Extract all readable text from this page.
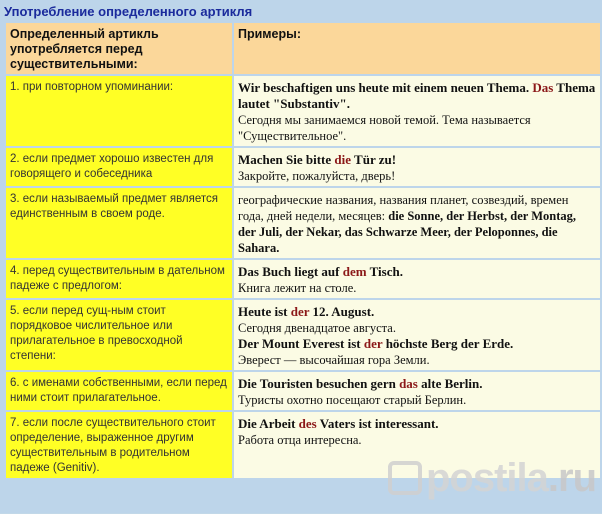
Употребление определенного артикля
Определенный артикль употребляется перед существительными:	Примеры:
1. при повторном упоминании:	Wir beschaftigen uns heute mit einem neuen Thema. Das Thema lautet "Substantiv".
Сегодня мы занимаемся новой темой. Тема называется "Существительное".

2. если предмет хорошо известен для говорящего и собеседника	Machen Sie bitte die Tür zu!
Закройте, пожалуйста, дверь!

3. если называемый предмет является единственным в своем роде.	географические названия, названия планет, созвездий, времен года, дней недели, месяцев: die Sonne, der Herbst, der Montag, der Juli, der Nekar, das Schwarze Meer, der Peloponnes, die Sahara.

4. перед существительным в дательном падеже с предлогом:	Das Buch liegt auf dem Tisch.
Книга лежит на столе.

5. если перед сущ-ным стоит порядковое числительное или прилагательное в превосходной степени:	Heute ist der 12. August.
Сегодня двенадцатое августа.
Der Mount Everest ist der höchste Berg der Erde.
Эверест — высочайшая гора Земли.

6. с именами собственными, если перед ними стоит прилагательное.	Die Touristen besuchen gern das alte Berlin.
Туристы охотно посещают старый Берлин.

7. если после существительного стоит определение, выраженное другим существительным в родительном падеже (Genitiv).	Die Arbeit des Vaters ist interessant.
Работа отца интересна.
postila .ru
